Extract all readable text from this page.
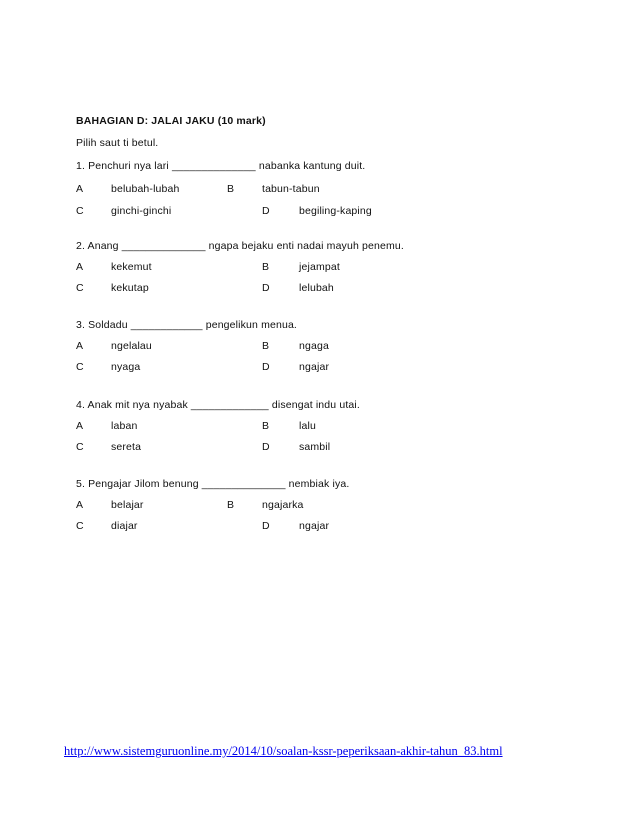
BAHAGIAN D: JALAI JAKU (10 mark)
Pilih saut ti betul.
1. Penchuri nya lari ______________ nabanka kantung duit.
A	belubah-lubah	B	tabun-tabun
C	ginchi-ginchi	D	begiling-kaping
2. Anang ______________ ngapa bejaku enti nadai mayuh penemu.
A	kekemut	B	jejampat
C	kekutap	D	lelubah
3. Soldadu ____________ pengelikun menua.
A	ngelalau	B	ngaga
C	nyaga	D	ngajar
4. Anak mit nya nyabak _____________ disengat indu utai.
A	laban	B	lalu
C	sereta	D	sambil
5. Pengajar Jilom benung ______________ nembiak iya.
A	belajar	B	ngajarka
C	diajar	D	ngajar
http://www.sistemguruonline.my/2014/10/soalan-kssr-peperiksaan-akhir-tahun_83.html
